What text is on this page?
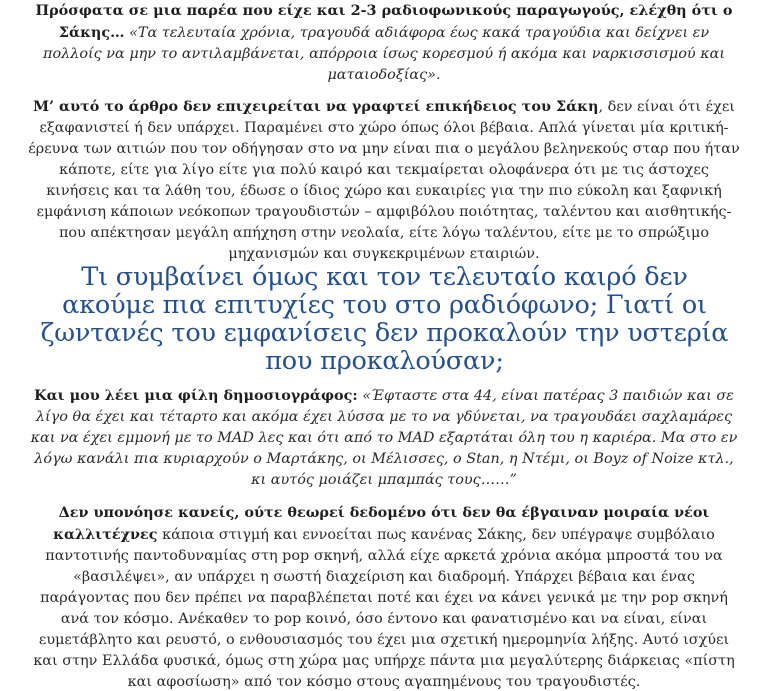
Πρόσφατα σε μια παρέα που είχε και 2-3 ραδιοφωνικούς παραγωγούς, ελέχθη ότι ο Σάκης… «Τα τελευταία χρόνια, τραγουδά αδιάφορα έως κακά τραγούδια και δείχνει εν πολλοίς να μην το αντιλαμβάνεται, απόρροια ίσως κορεσμού ή ακόμα και ναρκισσισμού και ματαιοδοξίας».

Μ’ αυτό το άρθρο δεν επιχειρείται να γραφτεί επικήδειος του Σάκη, δεν είναι ότι έχει εξαφανιστεί ή δεν υπάρχει. Παραμένει στο χώρο όπως όλοι βέβαια. Απλά γίνεται μία κριτική- έρευνα των αιτιών που τον οδήγησαν στο να μην είναι πια ο μεγάλου βεληνεκούς σταρ που ήταν κάποτε, είτε για λίγο είτε για πολύ καιρό και τεκμαίρεται ολοφάνερα ότι με τις άστοχες κινήσεις και τα λάθη του, έδωσε ο ίδιος χώρο και ευκαιρίες για την πιο εύκολη και ξαφνική εμφάνιση κάποιων νεόκοπων τραγουδιστών – αμφιβόλου ποιότητας, ταλέντου και αισθητικής- που απέκτησαν μεγάλη απήχηση στην νεολαία, είτε λόγω ταλέντου, είτε με το σπρώξιμο μηχανισμών και συγκεκριμένων εταιριών.

Τι συμβαίνει όμως και τον τελευταίο καιρό δεν ακούμε πια επιτυχίες του στο ραδιόφωνο; Γιατί οι ζωντανές του εμφανίσεις δεν προκαλούν την υστερία που προκαλούσαν;

Και μου λέει μια φίλη δημοσιογράφος: «Έφταστε στα 44, είναι πατέρας 3 παιδιών και σε λίγο θα έχει και τέταρτο και ακόμα έχει λύσσα με το να γδύνεται, να τραγουδάει σαχλαμάρες και να έχει εμμονή με το MAD λες και ότι από το MAD εξαρτάται όλη του η καριέρα. Μα στο εν λόγω κανάλι πια κυριαρχούν ο Μαρτάκης, οι Μέλισσες, ο Stan, η Ντέμι, οι Boyz of Noize κτλ., κι αυτός μοιάζει μπαμπάς τους……”

Δεν υπονόησε κανείς, ούτε θεωρεί δεδομένο ότι δεν θα έβγαιναν μοιραία νέοι καλλιτέχνες κάποια στιγμή και εννοείται πως κανένας Σάκης, δεν υπέγραψε συμβόλαιο παντοτινής παντοδυναμίας στη pop σκηνή, αλλά είχε αρκετά χρόνια ακόμα μπροστά του να «βασιλέψει», αν υπάρχει η σωστή διαχείριση και διαδρομή. Υπάρχει βέβαια και ένας παράγοντας που δεν πρέπει να παραβλέπεται ποτέ και έχει να κάνει γενικά με την pop σκηνή ανά τον κόσμο. Ανέκαθεν το pop κοινό, όσο έντονο και φανατισμένο και να είναι, είναι ευμετάβλητο και ρευστό, ο ενθουσιασμός του έχει μια σχετική ημερομηνία λήξης. Αυτό ισχύει και στην Ελλάδα φυσικά, όμως στη χώρα μας υπήρχε πάντα μια μεγαλύτερης διάρκειας «πίστη και αφοσίωση» από τον κόσμο στους αγαπημένους του τραγουδιστές.
